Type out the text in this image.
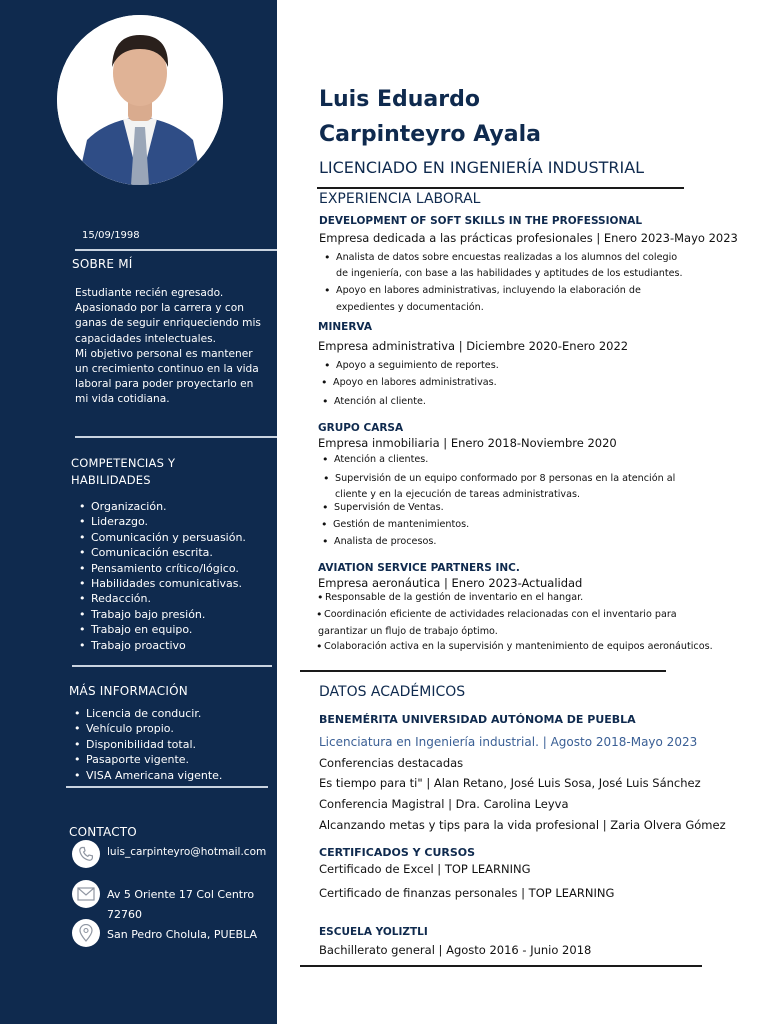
15/09/1998
SOBRE MÍ
Estudiante recién egresado.
Apasionado por la carrera y con
ganas de seguir enriqueciendo mis
capacidades intelectuales.
Mi objetivo personal es mantener
un crecimiento continuo en la vida
laboral para poder proyectarlo en
mi vida cotidiana.
COMPETENCIAS Y
HABILIDADES
• Organización.
• Liderazgo.
• Comunicación y persuasión.
• Comunicación escrita.
• Pensamiento crítico/lógico.
• Habilidades comunicativas.
• Redacción.
• Trabajo bajo presión.
• Trabajo en equipo.
• Trabajo proactivo
MÁS INFORMACIÓN
• Licencia de conducir.
• Vehículo propio.
• Disponibilidad total.
• Pasaporte vigente.
• VISA Americana vigente.
CONTACTO
luis_carpinteyro@hotmail.com
Av 5 Oriente 17 Col Centro
72760
San Pedro Cholula, PUEBLA
Luis Eduardo
Carpinteyro Ayala
LICENCIADO EN INGENIERÍA INDUSTRIAL
EXPERIENCIA LABORAL
DEVELOPMENT OF SOFT SKILLS IN THE PROFESSIONAL
Empresa dedicada a las prácticas profesionales | Enero 2023-Mayo 2023
• Analista de datos sobre encuestas realizadas a los alumnos del colegio
de ingeniería, con base a las habilidades y aptitudes de los estudiantes.
• Apoyo en labores administrativas, incluyendo la elaboración de
expedientes y documentación.
MINERVA
Empresa administrativa | Diciembre 2020-Enero 2022
• Apoyo a seguimiento de reportes.
• Apoyo en labores administrativas.
• Atención al cliente.
GRUPO CARSA
Empresa inmobiliaria | Enero 2018-Noviembre 2020
• Atención a clientes.
• Supervisión de un equipo conformado por 8 personas en la atención al
cliente y en la ejecución de tareas administrativas.
• Supervisión de Ventas.
• Gestión de mantenimientos.
• Analista de procesos.
AVIATION SERVICE PARTNERS INC.
Empresa aeronáutica | Enero 2023-Actualidad
• Responsable de la gestión de inventario en el hangar.
• Coordinación eficiente de actividades relacionadas con el inventario para
garantizar un flujo de trabajo óptimo.
• Colaboración activa en la supervisión y mantenimiento de equipos aeronáuticos.
DATOS ACADÉMICOS
BENEMÉRITA UNIVERSIDAD AUTÓNOMA DE PUEBLA
Licenciatura en Ingeniería industrial. | Agosto 2018-Mayo 2023
Conferencias destacadas
Es tiempo para ti" | Alan Retano, José Luis Sosa, José Luis Sánchez
Conferencia Magistral | Dra. Carolina Leyva
Alcanzando metas y tips para la vida profesional | Zaria Olvera Gómez
CERTIFICADOS Y CURSOS
Certificado de Excel | TOP LEARNING
Certificado de finanzas personales | TOP LEARNING
ESCUELA YOLIZTLI
Bachillerato general | Agosto 2016 - Junio 2018
